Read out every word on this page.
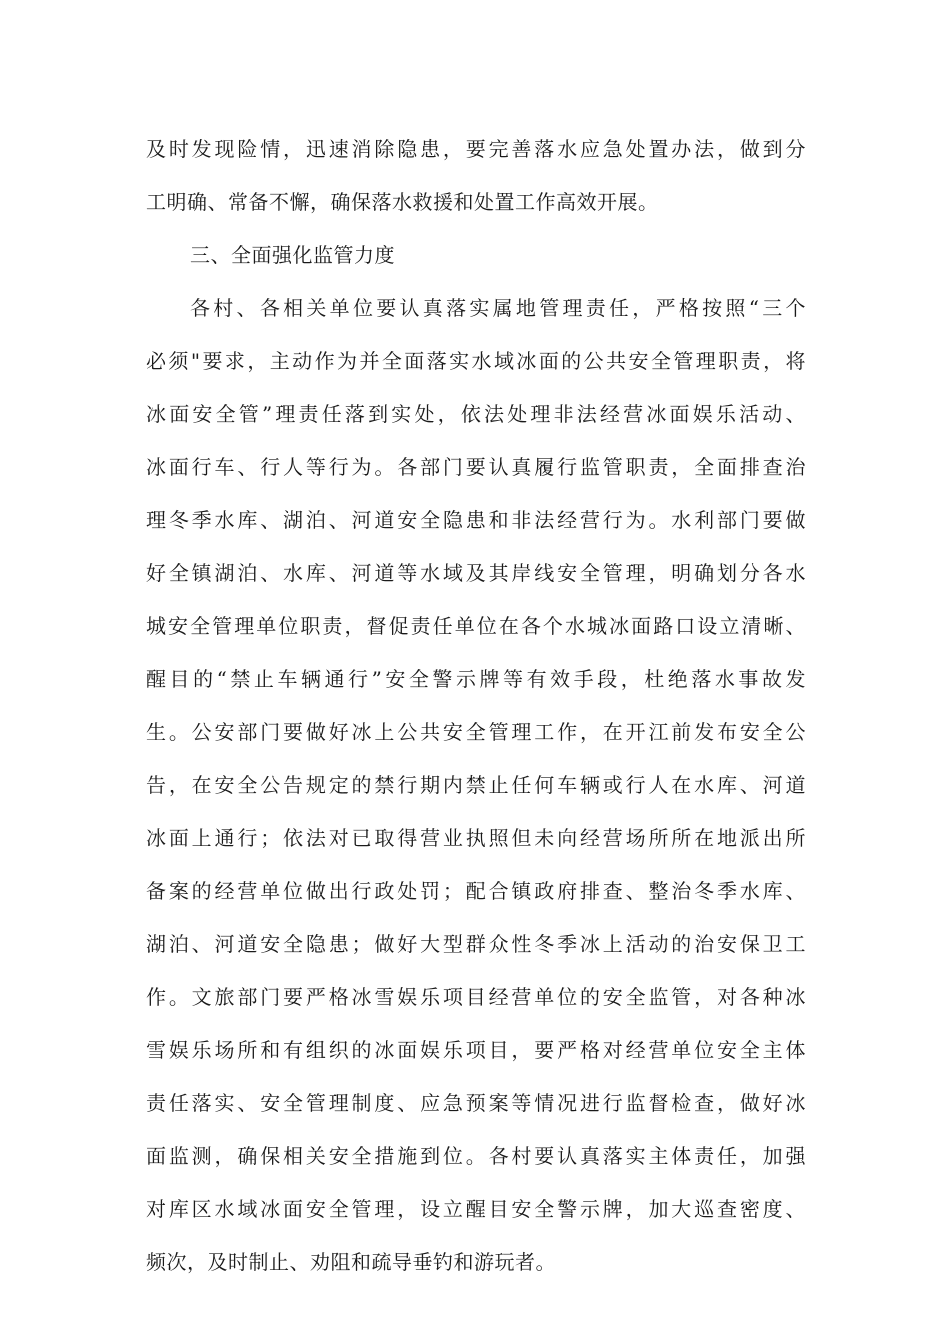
及时发现险情，迅速消除隐患，要完善落水应急处置办法，做到分
工明确、常备不懈，确保落水救援和处置工作高效开展。
三、全面强化监管力度
各村、各相关单位要认真落实属地管理责任，严格按照“三个
必须"要求，主动作为并全面落实水域冰面的公共安全管理职责，将
冰面安全管”理责任落到实处，依法处理非法经营冰面娱乐活动、
冰面行车、行人等行为。各部门要认真履行监管职责，全面排查治
理冬季水库、湖泊、河道安全隐患和非法经营行为。水利部门要做
好全镇湖泊、水库、河道等水域及其岸线安全管理，明确划分各水
城安全管理单位职责，督促责任单位在各个水城冰面路口设立清晰、
醒目的“禁止车辆通行”安全警示牌等有效手段，杜绝落水事故发
生。公安部门要做好冰上公共安全管理工作，在开江前发布安全公
告，在安全公告规定的禁行期内禁止任何车辆或行人在水库、河道
冰面上通行；依法对已取得营业执照但未向经营场所所在地派出所
备案的经营单位做出行政处罚；配合镇政府排查、整治冬季水库、
湖泊、河道安全隐患；做好大型群众性冬季冰上活动的治安保卫工
作。文旅部门要严格冰雪娱乐项目经营单位的安全监管，对各种冰
雪娱乐场所和有组织的冰面娱乐项目，要严格对经营单位安全主体
责任落实、安全管理制度、应急预案等情况进行监督检查，做好冰
面监测，确保相关安全措施到位。各村要认真落实主体责任，加强
对库区水域冰面安全管理，设立醒目安全警示牌，加大巡查密度、
频次，及时制止、劝阻和疏导垂钓和游玩者。
